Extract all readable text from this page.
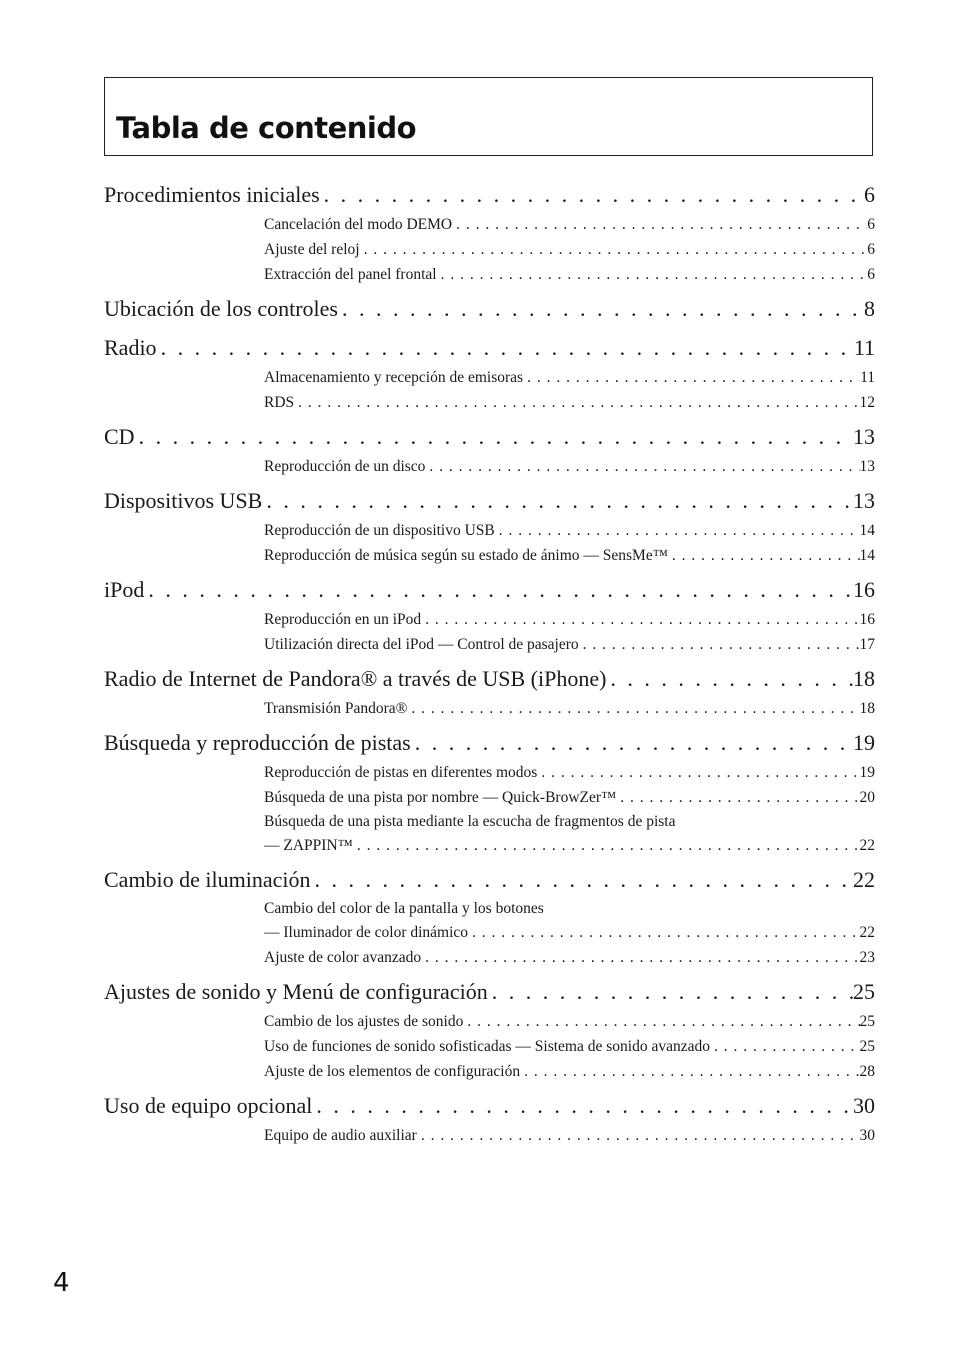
Tabla de contenido
Procedimientos iniciales . . .	6
Cancelación del modo DEMO . . .	6
Ajuste del reloj . . .	6
Extracción del panel frontal . . .	6
Ubicación de los controles . . .	8
Radio . . .	11
Almacenamiento y recepción de emisoras . . .	11
RDS . . .	12
CD . . .	13
Reproducción de un disco . . .	13
Dispositivos USB . . .	13
Reproducción de un dispositivo USB . . .	14
Reproducción de música según su estado de ánimo — SensMe™ . . .	14
iPod . . .	16
Reproducción en un iPod . . .	16
Utilización directa del iPod — Control de pasajero . . .	17
Radio de Internet de Pandora® a través de USB (iPhone) . . .	18
Transmisión Pandora® . . .	18
Búsqueda y reproducción de pistas . . .	19
Reproducción de pistas en diferentes modos . . .	19
Búsqueda de una pista por nombre — Quick-BrowZer™ . . .	20
Búsqueda de una pista mediante la escucha de fragmentos de pista
— ZAPPIN™ . . .	22
Cambio de iluminación . . .	22
Cambio del color de la pantalla y los botones
— Iluminador de color dinámico . . .	22
Ajuste de color avanzado . . .	23
Ajustes de sonido y Menú de configuración . . .	25
Cambio de los ajustes de sonido . . .	25
Uso de funciones de sonido sofisticadas — Sistema de sonido avanzado . . .	25
Ajuste de los elementos de configuración . . .	28
Uso de equipo opcional . . .	30
Equipo de audio auxiliar . . .	30
4
